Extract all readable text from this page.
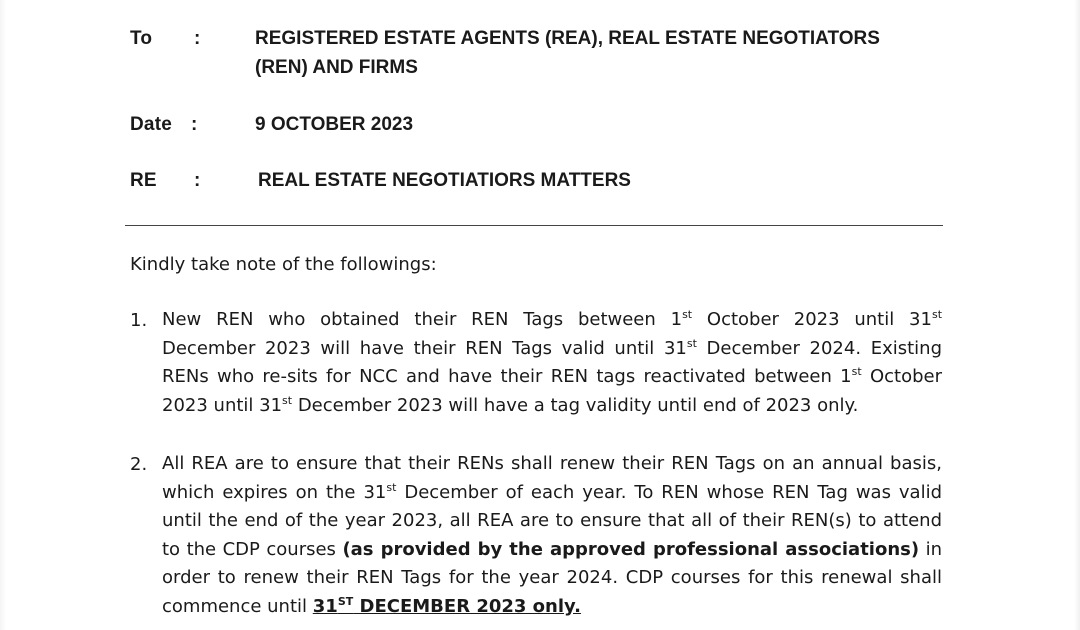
To :	REGISTERED ESTATE AGENTS (REA), REAL ESTATE NEGOTIATORS
(REN) AND FIRMS
Date :	9 OCTOBER 2023
RE :	REAL ESTATE NEGOTIATIORS MATTERS
Kindly take note of the followings:
1. New REN who obtained their REN Tags between 1st October 2023 until 31st
December 2023 will have their REN Tags valid until 31st December 2024. Existing
RENs who re-sits for NCC and have their REN tags reactivated between 1st October
2023 until 31st December 2023 will have a tag validity until end of 2023 only.
2. All REA are to ensure that their RENs shall renew their REN Tags on an annual basis,
which expires on the 31st December of each year. To REN whose REN Tag was valid
until the end of the year 2023, all REA are to ensure that all of their REN(s) to attend
to the CDP courses (as provided by the approved professional associations) in
order to renew their REN Tags for the year 2024. CDP courses for this renewal shall
commence until 31ST DECEMBER 2023 only.
